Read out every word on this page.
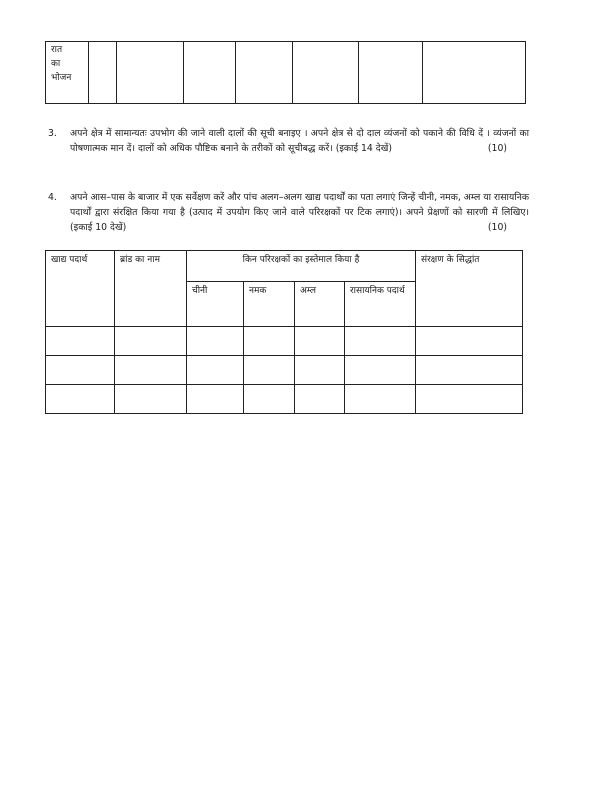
रात
का
भोजन							
3. अपने क्षेत्र में सामान्यतः उपभोग की जाने वाली दालों की सूची बनाइए । अपने क्षेत्र से दो दाल व्यंजनों को पकाने की विधि दें । व्यंजनों का पोषणात्मक मान दें। दालों को अधिक पौष्टिक बनाने के तरीकों को सूचीबद्ध करें। (इकाई 14 देखें)	(10)
4. अपने आस–पास के बाजार में एक सर्वेक्षण करें और पांच अलग–अलग खाद्य पदार्थों का पता लगाएं जिन्हें चीनी, नमक, अम्ल या रासायनिक पदार्थों द्वारा संरक्षित किया गया है (उत्पाद में उपयोग किए जाने वाले परिरक्षकों पर टिक लगाएं)। अपने प्रेक्षणों को सारणी में लिखिए। (इकाई 10 देखें)	(10)
खाद्य पदार्थ	ब्रांड का नाम	किन परिरक्षकों का इस्तेमाल किया है				संरक्षण के सिद्धांत
		चीनी	नमक	अम्ल	रासायनिक पदार्थ	
